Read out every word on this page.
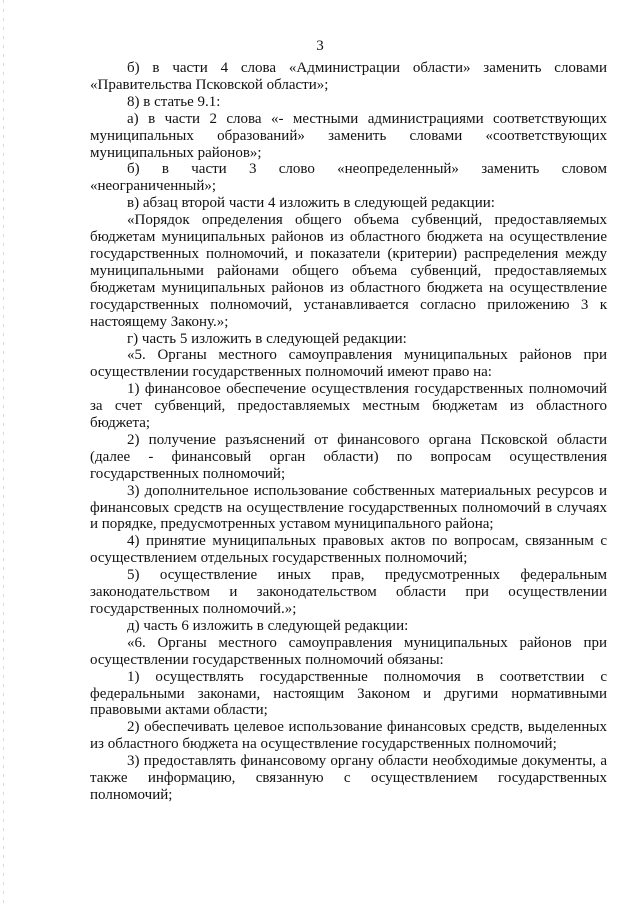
3

б) в части 4 слова «Администрации области» заменить словами «Правительства Псковской области»;

8) в статье 9.1:

а) в части 2 слова «- местными администрациями соответствующих муниципальных образований» заменить словами «соответствующих муниципальных районов»;

б) в части 3 слово «неопределенный» заменить словом «неограниченный»;

в) абзац второй части 4 изложить в следующей редакции:

«Порядок определения общего объема субвенций, предоставляемых бюджетам муниципальных районов из областного бюджета на осуществление государственных полномочий, и показатели (критерии) распределения между муниципальными районами общего объема субвенций, предоставляемых бюджетам муниципальных районов из областного бюджета на осуществление государственных полномочий, устанавливается согласно приложению 3 к настоящему Закону.»;

г) часть 5 изложить в следующей редакции:

«5. Органы местного самоуправления муниципальных районов при осуществлении государственных полномочий имеют право на:

1) финансовое обеспечение осуществления государственных полномочий за счет субвенций, предоставляемых местным бюджетам из областного бюджета;

2) получение разъяснений от финансового органа Псковской области (далее - финансовый орган области) по вопросам осуществления государственных полномочий;

3) дополнительное использование собственных материальных ресурсов и финансовых средств на осуществление государственных полномочий в случаях и порядке, предусмотренных уставом муниципального района;

4) принятие муниципальных правовых актов по вопросам, связанным с осуществлением отдельных государственных полномочий;

5) осуществление иных прав, предусмотренных федеральным законодательством и законодательством области при осуществлении государственных полномочий.»;

д) часть 6 изложить в следующей редакции:

«6. Органы местного самоуправления муниципальных районов при осуществлении государственных полномочий обязаны:

1) осуществлять государственные полномочия в соответствии с федеральными законами, настоящим Законом и другими нормативными правовыми актами области;

2) обеспечивать целевое использование финансовых средств, выделенных из областного бюджета на осуществление государственных полномочий;

3) предоставлять финансовому органу области необходимые документы, а также информацию, связанную с осуществлением государственных полномочий;
